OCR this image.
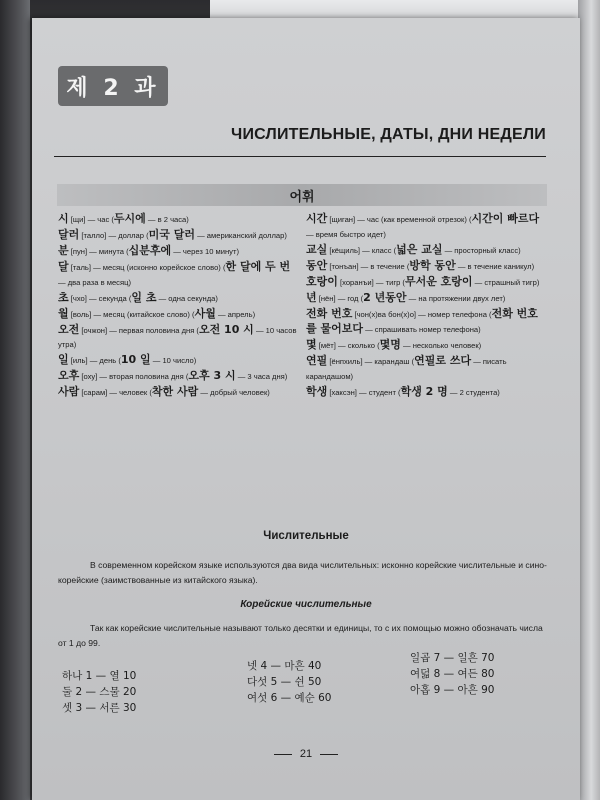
제 2 과
ЧИСЛИТЕЛЬНЫЕ, ДАТЫ, ДНИ НЕДЕЛИ
어휘
시 [щи] — час (두시에 — в 2 часа)
달러 [талло] — доллар (미국 달러 — американский доллар)
분 [пун] — минута (십분후에 — через 10 минут)
달 [таль] — месяц (исконно корейское слово) (한 달에 두 번 — два раза в месяц)
초 [чхо] — секунда (일 초 — одна секунда)
월 [воль] — месяц (китайское слово) (사월 — апрель)
오전 [очжон] — первая половина дня (오전 10 시 — 10 часов утра)
일 [иль] — день (10 일 — 10 число)
오후 [оху] — вторая половина дня (오후 3 시 — 3 часа дня)
사람 [сарам] — человек (착한 사람 — добрый человек)
시간 [щиган] — час (как временной отрезок) (시간이 빠르다 — время быстро идет)
교실 [кёщиль] — класс (넓은 교실 — просторный класс)
동안 [тонъан] — в течение (방학 동안 — в течение каникул)
호랑이 [хоранъи] — тигр (무서운 호랑이 — страшный тигр)
년 [нён] — год (2 년동안 — на протяжении двух лет)
전화 번호 [чон(х)ва бон(х)о] — номер телефона (전화 번호를 물어보다 — спрашивать номер телефона)
몇 [мёт] — сколько (몇명 — несколько человек)
연필 [ёнпхиль] — карандаш (연필로 쓰다 — писать карандашом)
학생 [хаксэн] — студент (학생 2 명 — 2 студента)
Числительные
В современном корейском языке используются два вида числительных: исконно корейские числительные и сино-корейские (заимствованные из китайского языка).
Корейские числительные
Так как корейские числительные называют только десятки и единицы, то с их помощью можно обозначать числа от 1 до 99.
하나 1 — 열 10
둘 2 — 스물 20
셋 3 — 서른 30
넷 4 — 마흔 40
다섯 5 — 쉰 50
여섯 6 — 예순 60
일곱 7 — 일흔 70
여덟 8 — 여든 80
아홉 9 — 아흔 90
21
